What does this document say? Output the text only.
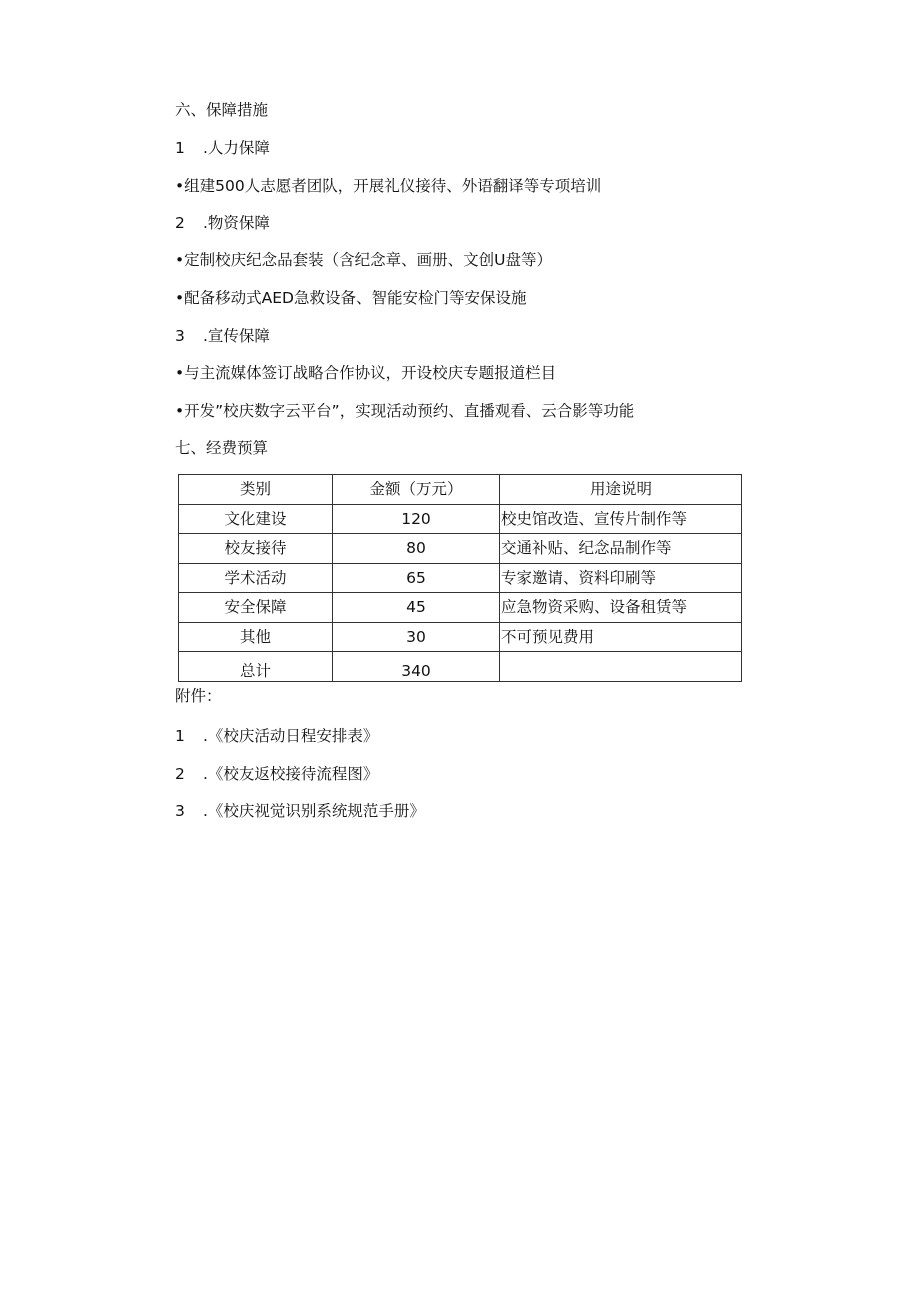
六、保障措施
1 .人力保障
•组建500人志愿者团队，开展礼仪接待、外语翻译等专项培训
2 .物资保障
•定制校庆纪念品套装（含纪念章、画册、文创U盘等）
•配备移动式AED急救设备、智能安检门等安保设施
3 .宣传保障
•与主流媒体签订战略合作协议，开设校庆专题报道栏目
•开发”校庆数字云平台”，实现活动预约、直播观看、云合影等功能
七、经费预算
类别	金额（万元）	用途说明
文化建设	120	校史馆改造、宣传片制作等
校友接待	80	交通补贴、纪念品制作等
学术活动	65	专家邀请、资料印刷等
安全保障	45	应急物资采购、设备租赁等
其他	30	不可预见费用
总计	340	
附件：
1 .《校庆活动日程安排表》
2 .《校友返校接待流程图》
3 .《校庆视觉识别系统规范手册》
